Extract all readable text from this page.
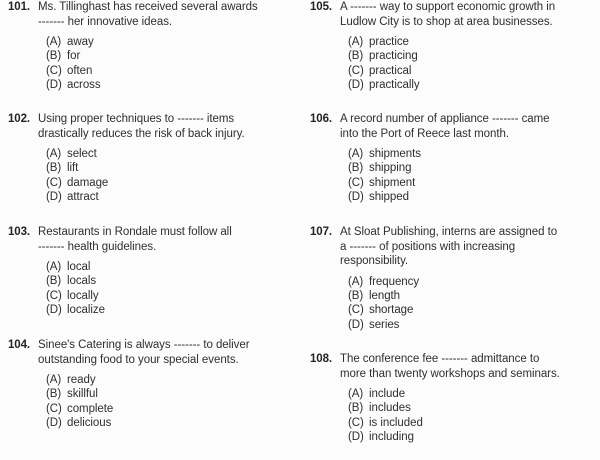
101. Ms. Tillinghast has received several awards
------- her innovative ideas.
(A) away
(B) for
(C) often
(D) across
102. Using proper techniques to ------- items
drastically reduces the risk of back injury.
(A) select
(B) lift
(C) damage
(D) attract
103. Restaurants in Rondale must follow all
------- health guidelines.
(A) local
(B) locals
(C) locally
(D) localize
104. Sinee's Catering is always ------- to deliver
outstanding food to your special events.
(A) ready
(B) skillful
(C) complete
(D) delicious
105. A ------- way to support economic growth in
Ludlow City is to shop at area businesses.
(A) practice
(B) practicing
(C) practical
(D) practically
106. A record number of appliance ------- came
into the Port of Reece last month.
(A) shipments
(B) shipping
(C) shipment
(D) shipped
107. At Sloat Publishing, interns are assigned to
a ------- of positions with increasing
responsibility.
(A) frequency
(B) length
(C) shortage
(D) series
108. The conference fee ------- admittance to
more than twenty workshops and seminars.
(A) include
(B) includes
(C) is included
(D) including
